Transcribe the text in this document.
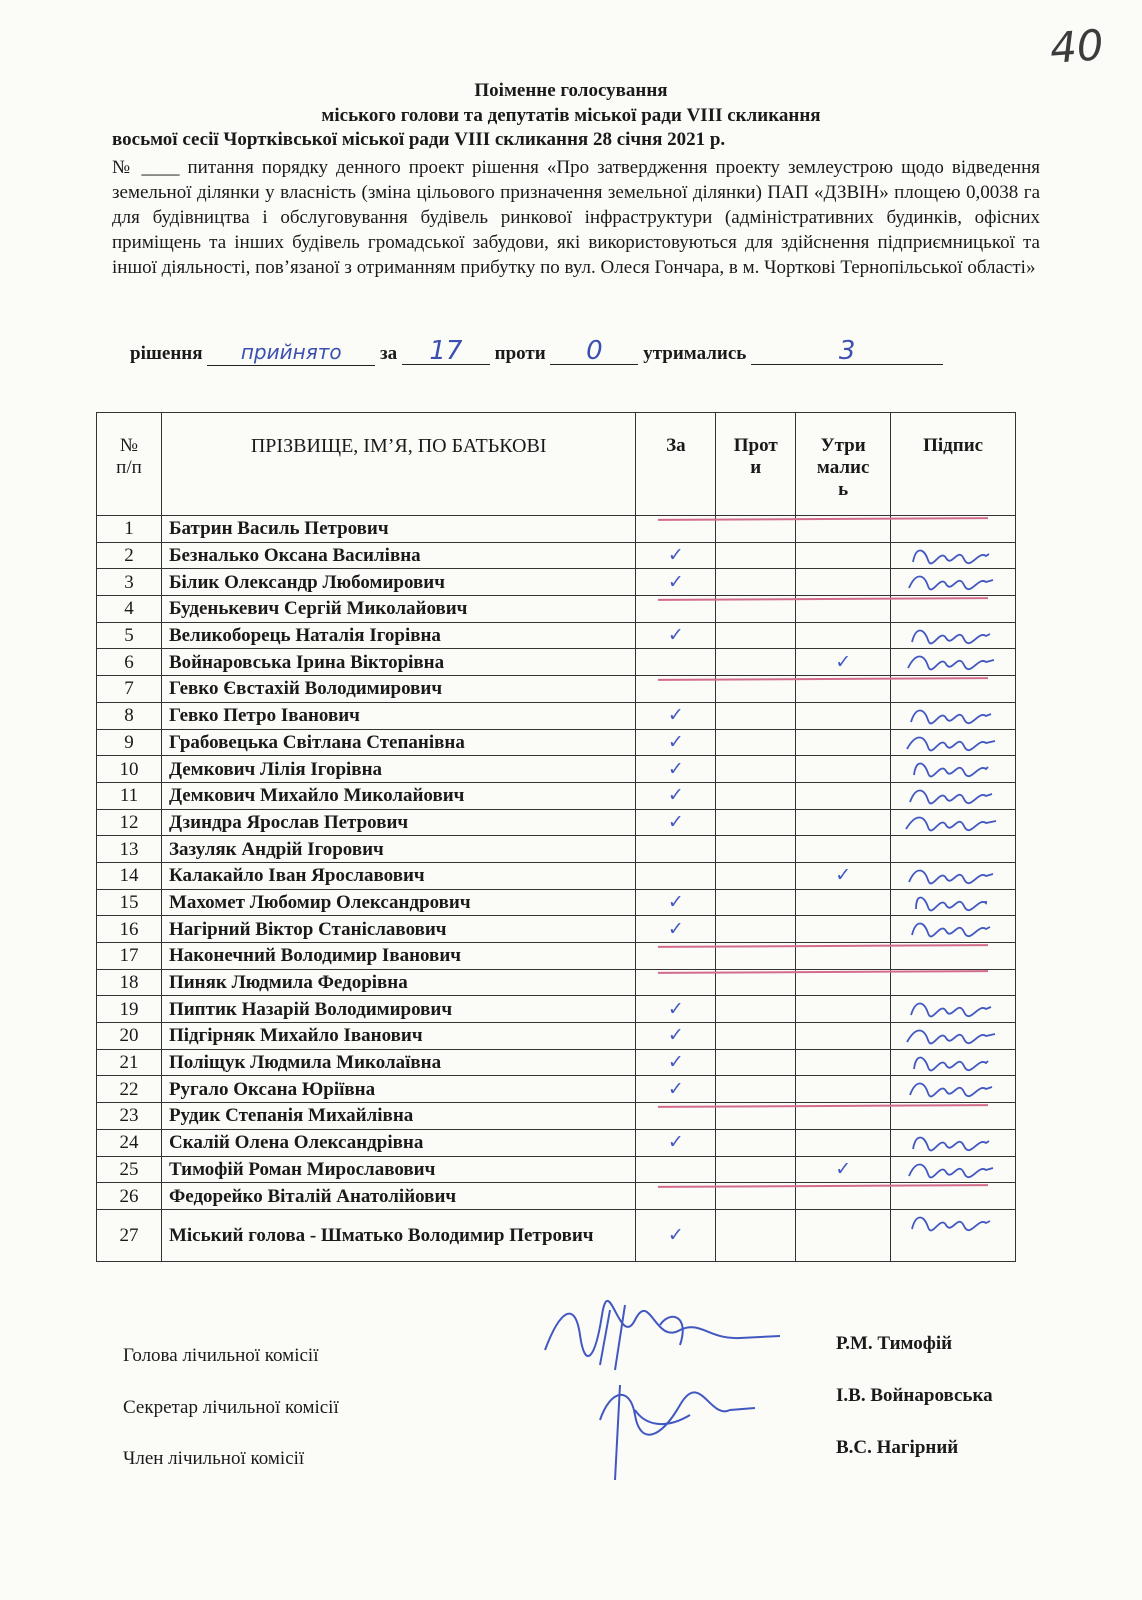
40
Поіменне голосування
міського голови та депутатів міської ради VIII скликання
восьмої сесії Чортківської міської ради VIII скликання 28 січня 2021 р.
№ ____ питання порядку денного проект рішення «Про затвердження проекту землеустрою щодо відведення земельної ділянки у власність (зміна цільового призначення земельної ділянки) ПАП «ДЗВІН» площею 0,0038 га для будівництва і обслуговування будівель ринкової інфраструктури (адміністративних будинків, офісних приміщень та інших будівель громадської забудови, які використовуються для здійснення підприємницької та іншої діяльності, пов’язаної з отриманням прибутку по вул. Олеся Гончара, в м. Чорткові Тернопільської області»
рішення прийнято за 17 проти 0 утримались	3
№ п/п	ПРІЗВИЩЕ, ІМ’Я, ПО БАТЬКОВІ	За	Прот и	Утри малис ь	Підпис
1	Батрин Василь Петрович				
2	Безналько Оксана Василівна	✓			

3	Білик Олександр Любомирович	✓			

4	Буденькевич Сергій Миколайович				
5	Великоборець Наталія Ігорівна	✓			

6	Войнаровська Ірина Вікторівна			✓	

7	Гевко Євстахій Володимирович				
8	Гевко Петро Іванович	✓			

9	Грабовецька Світлана Степанівна	✓			

10	Демкович Лілія Ігорівна	✓			

11	Демкович Михайло Миколайович	✓			

12	Дзиндра Ярослав Петрович	✓			

13	Зазуляк Андрій Ігорович				
14	Калакайло Іван Ярославович			✓	

15	Махомет Любомир Олександрович	✓			

16	Нагірний Віктор Станіславович	✓			

17	Наконечний Володимир Іванович				
18	Пиняк Людмила Федорівна				
19	Пиптик Назарій Володимирович	✓			

20	Підгірняк Михайло Іванович	✓			

21	Поліщук Людмила Миколаївна	✓			

22	Ругало Оксана Юріївна	✓			

23	Рудик Степанія Михайлівна				
24	Скалій Олена Олександрівна	✓			

25	Тимофій Роман Мирославович			✓	

26	Федорейко Віталій Анатолійович				
27	Міський голова - Шматько Володимир Петрович	✓			
Голова лічильної комісії
Секретар лічильної комісії
Член лічильної комісії
Р.М. Тимофій
І.В. Войнаровська
В.С. Нагірний
